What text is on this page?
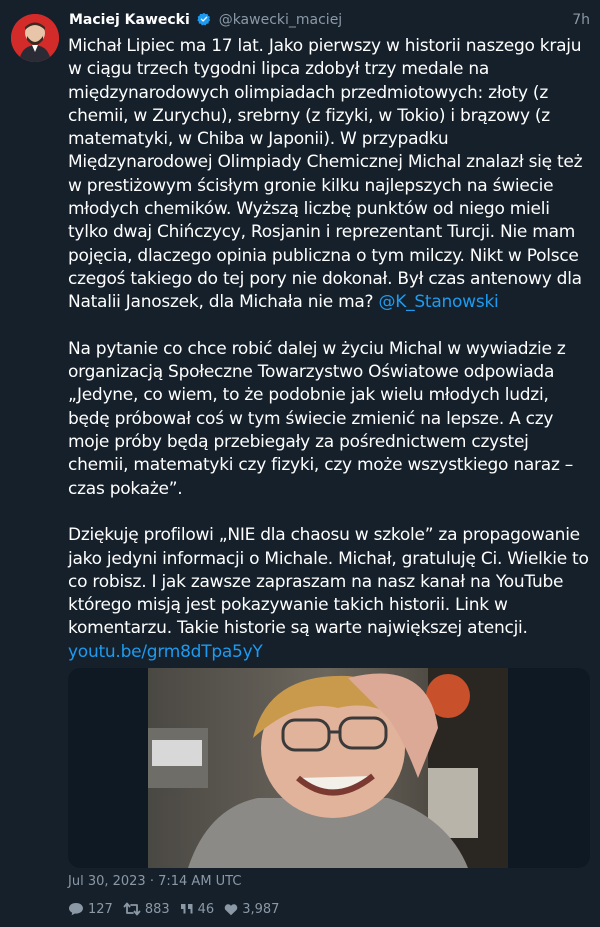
Maciej Kawecki @kawecki_maciej	7h

Michał Lipiec ma 17 lat. Jako pierwszy w historii naszego kraju w ciągu trzech tygodni lipca zdobył trzy medale na międzynarodowych olimpiadach przedmiotowych: złoty (z chemii, w Zurychu), srebrny (z fizyki, w Tokio) i brązowy (z matematyki, w Chiba w Japonii). W przypadku Międzynarodowej Olimpiady Chemicznej Michal znalazł się też w prestiżowym ścisłym gronie kilku najlepszych na świecie młodych chemików. Wyższą liczbę punktów od niego mieli tylko dwaj Chińczycy, Rosjanin i reprezentant Turcji. Nie mam pojęcia, dlaczego opinia publiczna o tym milczy. Nikt w Polsce czegoś takiego do tej pory nie dokonał. Był czas antenowy dla Natalii Janoszek, dla Michała nie ma? @K_Stanowski

Na pytanie co chce robić dalej w życiu Michal w wywiadzie z organizacją Społeczne Towarzystwo Oświatowe odpowiada „Jedyne, co wiem, to że podobnie jak wielu młodych ludzi, będę próbował coś w tym świecie zmienić na lepsze. A czy moje próby będą przebiegały za pośrednictwem czystej chemii, matematyki czy fizyki, czy może wszystkiego naraz – czas pokaże”.

Dziękuję profilowi „NIE dla chaosu w szkole” za propagowanie jako jedyni informacji o Michale. Michał, gratuluję Ci. Wielkie to co robisz. I jak zawsze zapraszam na nasz kanał na YouTube którego misją jest pokazywanie takich historii. Link w komentarzu. Takie historie są warte największej atencji. youtu.be/grm8dTpa5yY

Jul 30, 2023 · 7:14 AM UTC
127 883 46 3,987
